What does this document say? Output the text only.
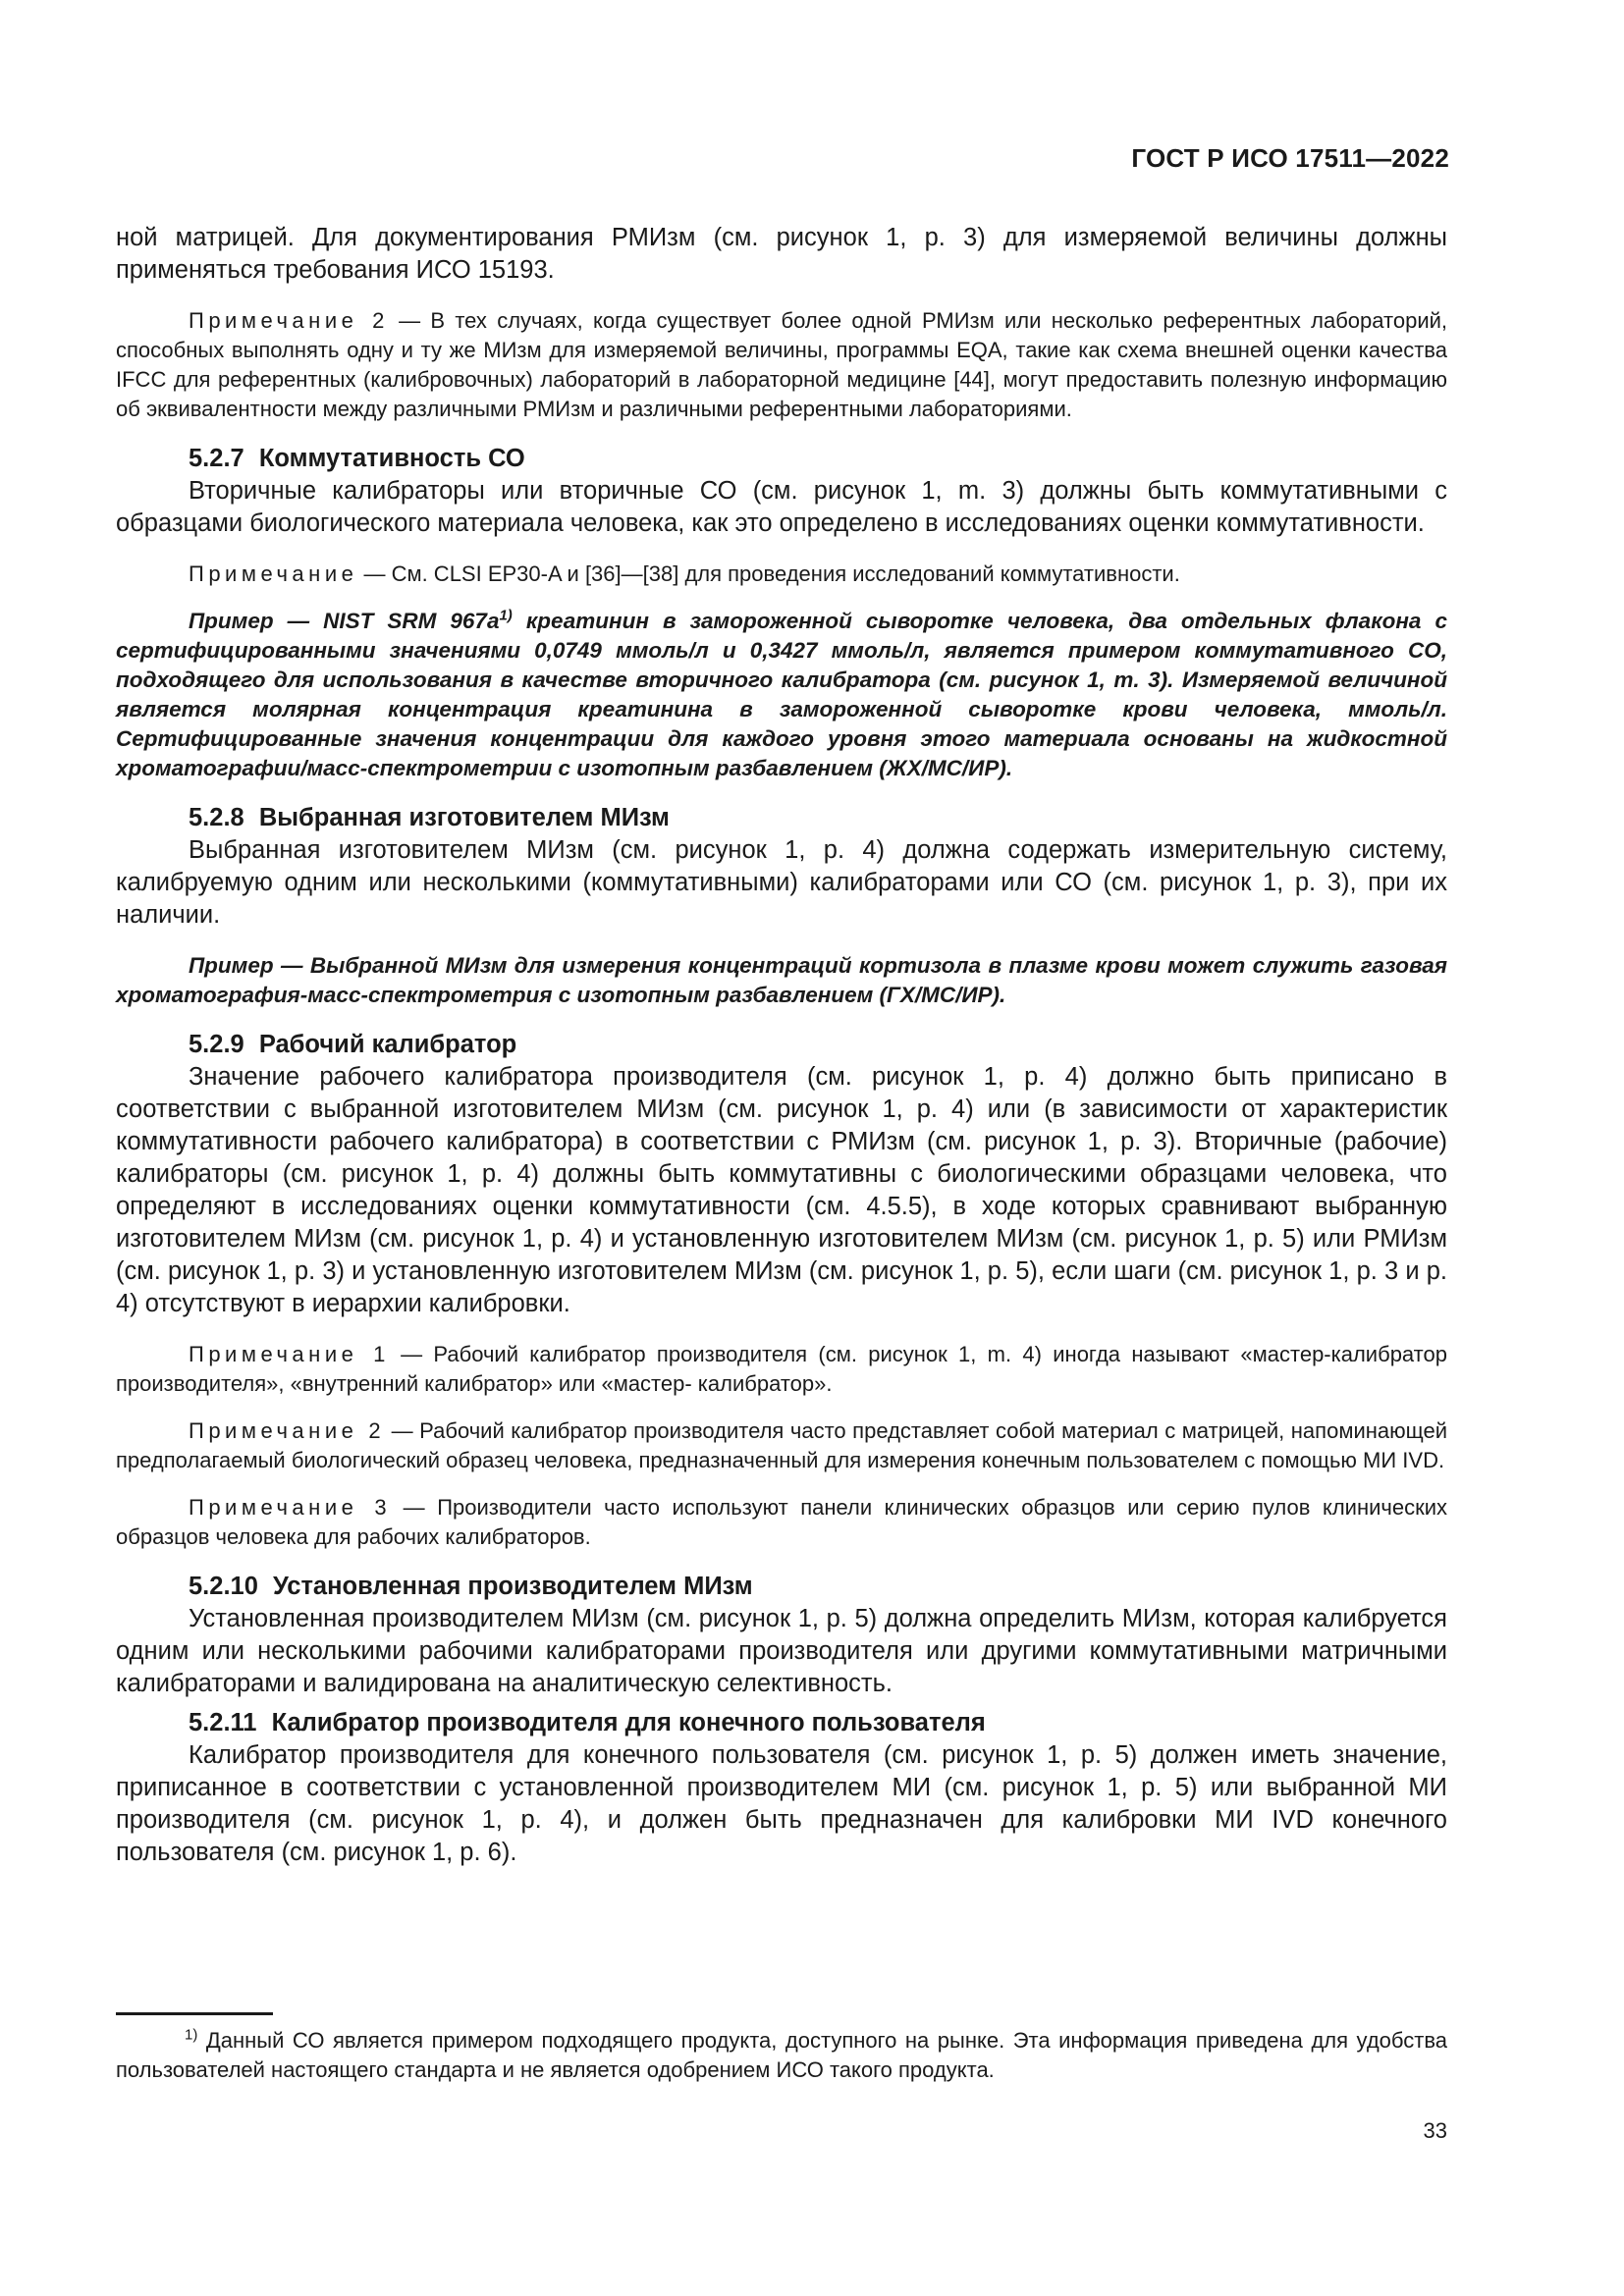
ГОСТ Р ИСО 17511—2022

ной матрицей. Для документирования РМИзм (см. рисунок 1, р. 3) для измеряемой величины должны применяться требования ИСО 15193.

Примечание 2 — В тех случаях, когда существует более одной РМИзм или несколько референтных лабораторий, способных выполнять одну и ту же МИзм для измеряемой величины, программы EQA, такие как схема внешней оценки качества IFCC для референтных (калибровочных) лабораторий в лабораторной медицине [44], могут предоставить полезную информацию об эквивалентности между различными РМИзм и различными референтными лабораториями.

5.2.7 Коммутативность СО

Вторичные калибраторы или вторичные СО (см. рисунок 1, m. 3) должны быть коммутативными с образцами биологического материала человека, как это определено в исследованиях оценки коммутативности.

Примечание — См. CLSI EP30-A и [36]—[38] для проведения исследований коммутативности.

Пример — NIST SRM $967a^{1)}$ креатинин в замороженной сыворотке человека, два отдельных флакона с сертифицированными значениями 0,0749 ммоль/л и 0,3427 ммоль/л, является примером коммутативного СО, подходящего для использования в качестве вторичного калибратора (см. рисунок 1, m. 3). Измеряемой величиной является молярная концентрация креатинина в замороженной сыворотке крови человека, ммоль/л. Сертифицированные значения концентрации для каждого уровня этого материала основаны на жидкостной хроматографии/масс-спектрометрии с изотопным разбавлением (ЖХ/МС/ИР).

5.2.8 Выбранная изготовителем МИзм

Выбранная изготовителем МИзм (см. рисунок 1, р. 4) должна содержать измерительную систему, калибруемую одним или несколькими (коммутативными) калибраторами или СО (см. рисунок 1, р. 3), при их наличии.

Пример — Выбранной МИзм для измерения концентраций кортизола в плазме крови может служить газовая хроматография-масс-спектрометрия с изотопным разбавлением (ГХ/МС/ИР).

5.2.9 Рабочий калибратор

Значение рабочего калибратора производителя (см. рисунок 1, р. 4) должно быть приписано в соответствии с выбранной изготовителем МИзм (см. рисунок 1, р. 4) или (в зависимости от характеристик коммутативности рабочего калибратора) в соответствии с РМИзм (см. рисунок 1, р. 3). Вторичные (рабочие) калибраторы (см. рисунок 1, р. 4) должны быть коммутативны с биологическими образцами человека, что определяют в исследованиях оценки коммутативности (см. 4.5.5), в ходе которых сравнивают выбранную изготовителем МИзм (см. рисунок 1, р. 4) и установленную изготовителем МИзм (см. рисунок 1, р. 5) или РМИзм (см. рисунок 1, р. 3) и установленную изготовителем МИзм (см. рисунок 1, р. 5), если шаги (см. рисунок 1, р. 3 и р. 4) отсутствуют в иерархии калибровки.

Примечание 1 — Рабочий калибратор производителя (см. рисунок 1, m. 4) иногда называют «мастер-калибратор производителя», «внутренний калибратор» или «мастер- калибратор».

Примечание 2 — Рабочий калибратор производителя часто представляет собой материал с матрицей, напоминающей предполагаемый биологический образец человека, предназначенный для измерения конечным пользователем с помощью МИ IVD.

Примечание 3 — Производители часто используют панели клинических образцов или серию пулов клинических образцов человека для рабочих калибраторов.

5.2.10 Установленная производителем МИзм

Установленная производителем МИзм (см. рисунок 1, р. 5) должна определить МИзм, которая калибруется одним или несколькими рабочими калибраторами производителя или другими коммутативными матричными калибраторами и валидирована на аналитическую селективность.

5.2.11 Калибратор производителя для конечного пользователя

Калибратор производителя для конечного пользователя (см. рисунок 1, р. 5) должен иметь значение, приписанное в соответствии с установленной производителем МИ (см. рисунок 1, р. 5) или выбранной МИ производителя (см. рисунок 1, р. 4), и должен быть предназначен для калибровки МИ IVD конечного пользователя (см. рисунок 1, р. 6).

$^{1)}$ Данный СО является примером подходящего продукта, доступного на рынке. Эта информация приведена для удобства пользователей настоящего стандарта и не является одобрением ИСО такого продукта.

33
